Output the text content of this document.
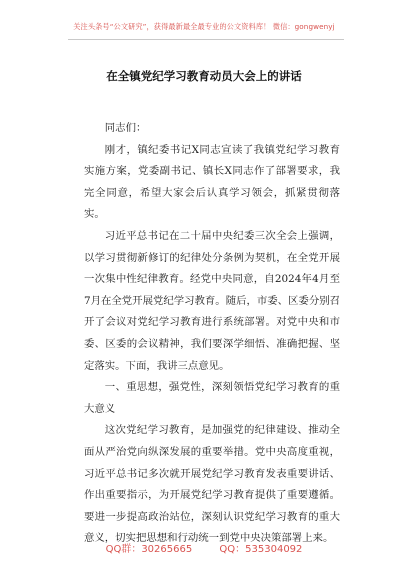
关注头条号“公文研究”，获得最新最全最专业的公文资料库！ 微信：gongwenyj
在全镇党纪学习教育动员大会上的讲话

同志们：

刚才，镇纪委书记X同志宣读了我镇党纪学习教育实施方案，党委副书记、镇长X同志作了部署要求，我完全同意，希望大家会后认真学习领会，抓紧贯彻落实。

习近平总书记在二十届中央纪委三次全会上强调，以学习贯彻新修订的纪律处分条例为契机，在全党开展一次集中性纪律教育。经党中央同意，自2024年4月至7月在全党开展党纪学习教育。随后，市委、区委分别召开了会议对党纪学习教育进行系统部署。对党中央和市委、区委的会议精神，我们要深学细悟、准确把握、坚定落实。下面，我讲三点意见。

一、重思想，强党性，深刻领悟党纪学习教育的重大意义

这次党纪学习教育，是加强党的纪律建设、推动全面从严治党向纵深发展的重要举措。党中央高度重视，习近平总书记多次就开展党纪学习教育发表重要讲话、作出重要指示，为开展党纪学习教育提供了重要遵循。要进一步提高政治站位，深刻认识党纪学习教育的重大意义，切实把思想和行动统一到党中央决策部署上来。

QQ群：30265665	QQ：535304092
